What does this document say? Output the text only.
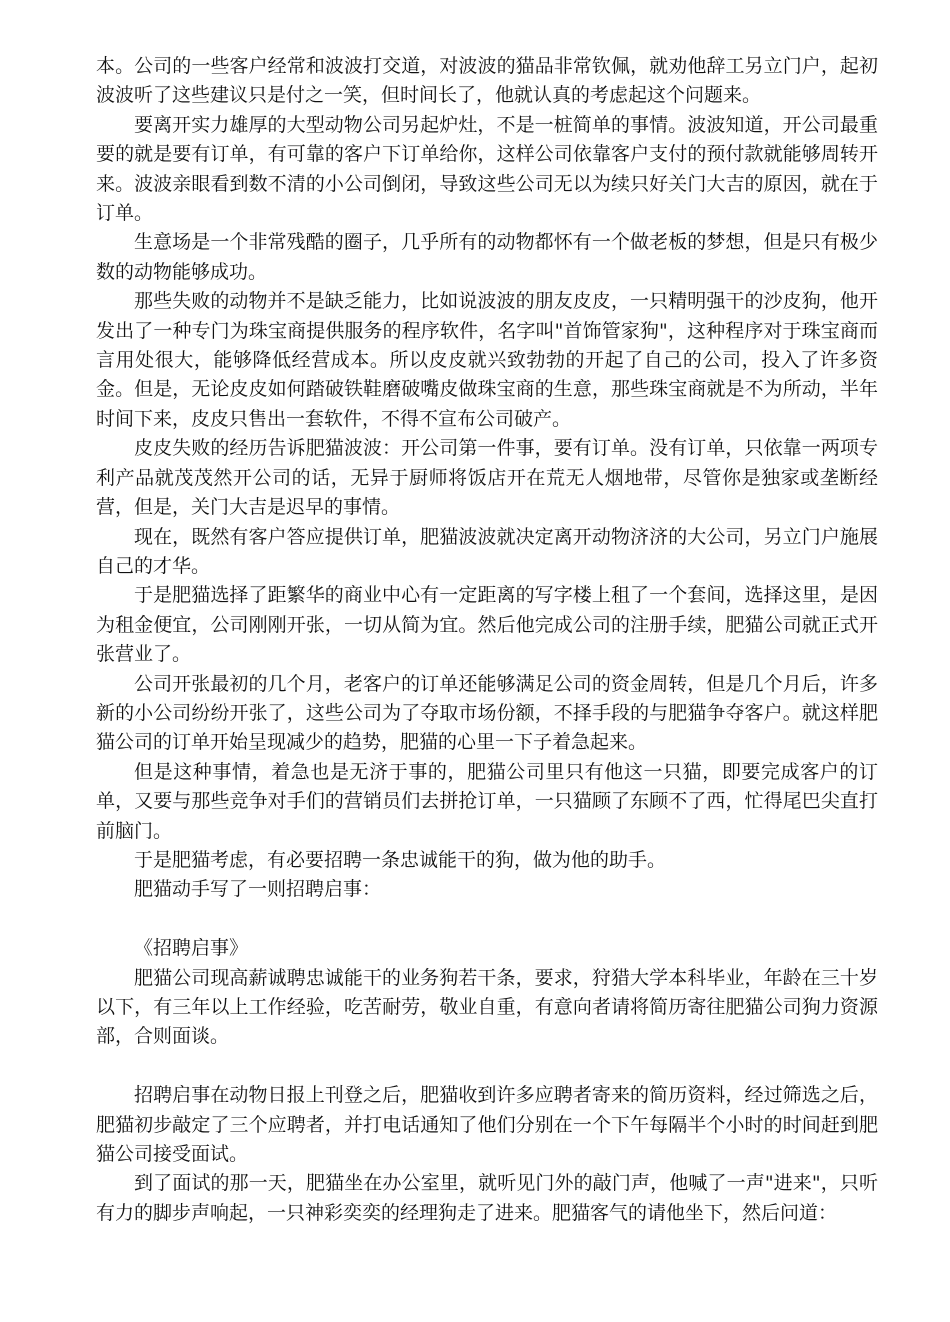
本。公司的一些客户经常和波波打交道，对波波的猫品非常钦佩，就劝他辞工另立门户，起初波波听了这些建议只是付之一笑，但时间长了，他就认真的考虑起这个问题来。

要离开实力雄厚的大型动物公司另起炉灶，不是一桩简单的事情。波波知道，开公司最重要的就是要有订单，有可靠的客户下订单给你，这样公司依靠客户支付的预付款就能够周转开来。波波亲眼看到数不清的小公司倒闭，导致这些公司无以为续只好关门大吉的原因，就在于订单。

生意场是一个非常残酷的圈子，几乎所有的动物都怀有一个做老板的梦想，但是只有极少数的动物能够成功。

那些失败的动物并不是缺乏能力，比如说波波的朋友皮皮，一只精明强干的沙皮狗，他开发出了一种专门为珠宝商提供服务的程序软件，名字叫"首饰管家狗"，这种程序对于珠宝商而言用处很大，能够降低经营成本。所以皮皮就兴致勃勃的开起了自己的公司，投入了许多资金。但是，无论皮皮如何踏破铁鞋磨破嘴皮做珠宝商的生意，那些珠宝商就是不为所动，半年时间下来，皮皮只售出一套软件，不得不宣布公司破产。

皮皮失败的经历告诉肥猫波波：开公司第一件事，要有订单。没有订单，只依靠一两项专利产品就茂茂然开公司的话，无异于厨师将饭店开在荒无人烟地带，尽管你是独家或垄断经营，但是，关门大吉是迟早的事情。

现在，既然有客户答应提供订单，肥猫波波就决定离开动物济济的大公司，另立门户施展自己的才华。

于是肥猫选择了距繁华的商业中心有一定距离的写字楼上租了一个套间，选择这里，是因为租金便宜，公司刚刚开张，一切从简为宜。然后他完成公司的注册手续，肥猫公司就正式开张营业了。

公司开张最初的几个月，老客户的订单还能够满足公司的资金周转，但是几个月后，许多新的小公司纷纷开张了，这些公司为了夺取市场份额，不择手段的与肥猫争夺客户。就这样肥猫公司的订单开始呈现减少的趋势，肥猫的心里一下子着急起来。

但是这种事情，着急也是无济于事的，肥猫公司里只有他这一只猫，即要完成客户的订单，又要与那些竞争对手们的营销员们去拼抢订单，一只猫顾了东顾不了西，忙得尾巴尖直打前脑门。

于是肥猫考虑，有必要招聘一条忠诚能干的狗，做为他的助手。

肥猫动手写了一则招聘启事：

《招聘启事》

肥猫公司现高薪诚聘忠诚能干的业务狗若干条，要求，狩猎大学本科毕业，年龄在三十岁以下，有三年以上工作经验，吃苦耐劳，敬业自重，有意向者请将简历寄往肥猫公司狗力资源部，合则面谈。

招聘启事在动物日报上刊登之后，肥猫收到许多应聘者寄来的简历资料，经过筛选之后，肥猫初步敲定了三个应聘者，并打电话通知了他们分别在一个下午每隔半个小时的时间赶到肥猫公司接受面试。

到了面试的那一天，肥猫坐在办公室里，就听见门外的敲门声，他喊了一声"进来"，只听有力的脚步声响起，一只神彩奕奕的经理狗走了进来。肥猫客气的请他坐下，然后问道：
